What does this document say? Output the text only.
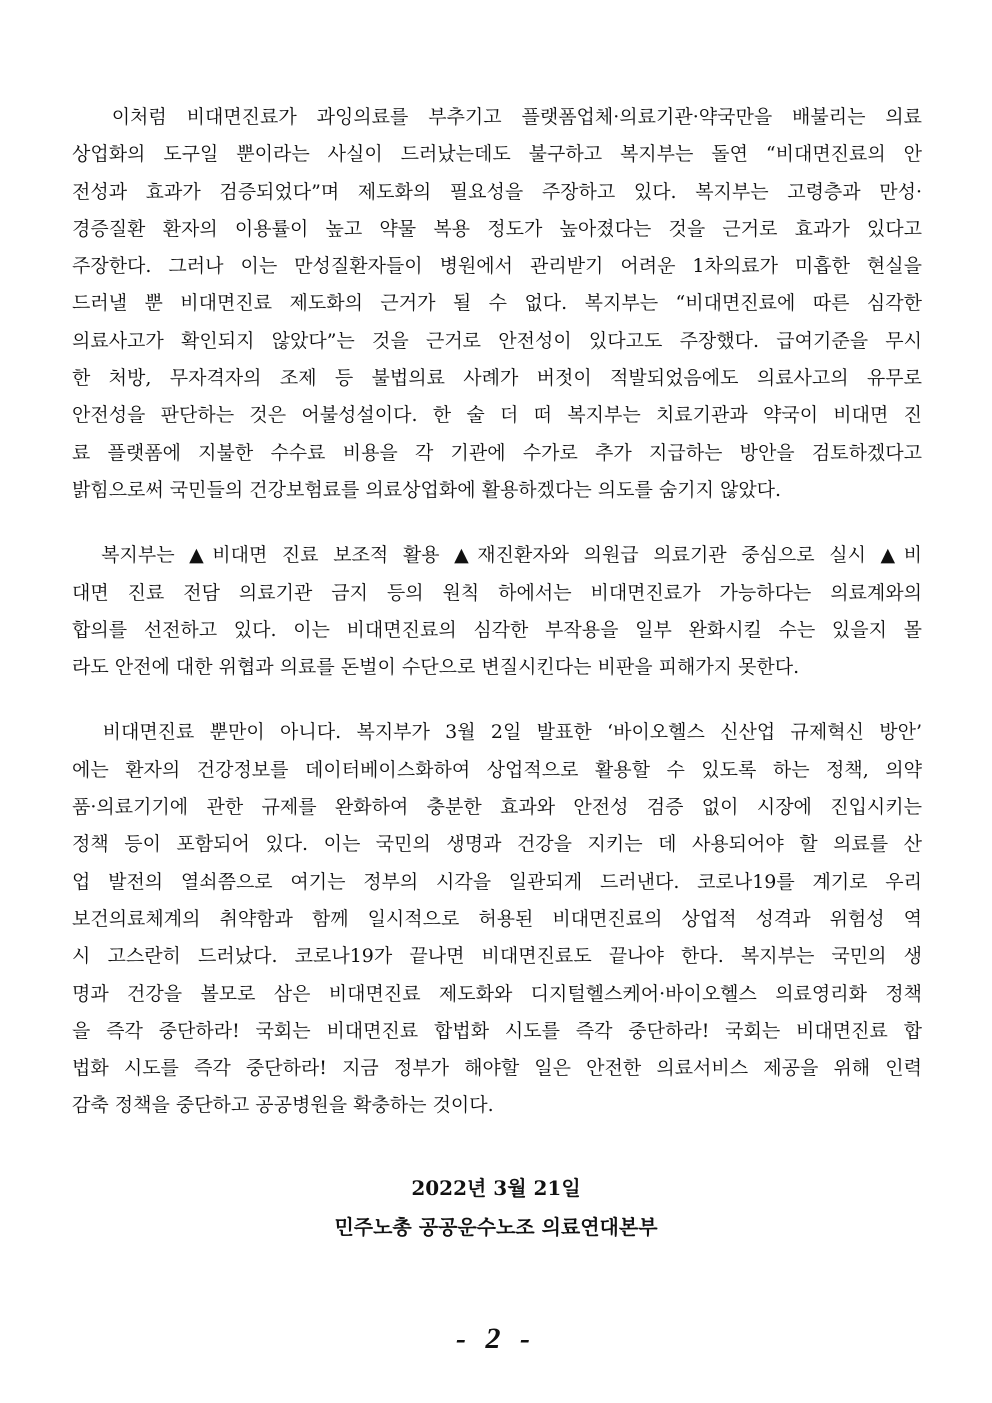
이처럼 비대면진료가 과잉의료를 부추기고 플랫폼업체·의료기관·약국만을 배불리는 의료
상업화의 도구일 뿐이라는 사실이 드러났는데도 불구하고 복지부는 돌연 “비대면진료의 안
전성과 효과가 검증되었다”며 제도화의 필요성을 주장하고 있다. 복지부는 고령층과 만성·
경증질환 환자의 이용률이 높고 약물 복용 정도가 높아졌다는 것을 근거로 효과가 있다고
주장한다. 그러나 이는 만성질환자들이 병원에서 관리받기 어려운 1차의료가 미흡한 현실을
드러낼 뿐 비대면진료 제도화의 근거가 될 수 없다. 복지부는 “비대면진료에 따른 심각한
의료사고가 확인되지 않았다”는 것을 근거로 안전성이 있다고도 주장했다. 급여기준을 무시
한 처방, 무자격자의 조제 등 불법의료 사례가 버젓이 적발되었음에도 의료사고의 유무로
안전성을 판단하는 것은 어불성설이다. 한 술 더 떠 복지부는 치료기관과 약국이 비대면 진
료 플랫폼에 지불한 수수료 비용을 각 기관에 수가로 추가 지급하는 방안을 검토하겠다고
밝힘으로써 국민들의 건강보험료를 의료상업화에 활용하겠다는 의도를 숨기지 않았다.
복지부는 ▲비대면 진료 보조적 활용 ▲재진환자와 의원급 의료기관 중심으로 실시 ▲비
대면 진료 전담 의료기관 금지 등의 원칙 하에서는 비대면진료가 가능하다는 의료계와의
합의를 선전하고 있다. 이는 비대면진료의 심각한 부작용을 일부 완화시킬 수는 있을지 몰
라도 안전에 대한 위협과 의료를 돈벌이 수단으로 변질시킨다는 비판을 피해가지 못한다.
비대면진료 뿐만이 아니다. 복지부가 3월 2일 발표한 ‘바이오헬스 신산업 규제혁신 방안’
에는 환자의 건강정보를 데이터베이스화하여 상업적으로 활용할 수 있도록 하는 정책, 의약
품·의료기기에 관한 규제를 완화하여 충분한 효과와 안전성 검증 없이 시장에 진입시키는
정책 등이 포함되어 있다. 이는 국민의 생명과 건강을 지키는 데 사용되어야 할 의료를 산
업 발전의 열쇠쯤으로 여기는 정부의 시각을 일관되게 드러낸다. 코로나19를 계기로 우리
보건의료체계의 취약함과 함께 일시적으로 허용된 비대면진료의 상업적 성격과 위험성 역
시 고스란히 드러났다. 코로나19가 끝나면 비대면진료도 끝나야 한다. 복지부는 국민의 생
명과 건강을 볼모로 삼은 비대면진료 제도화와 디지털헬스케어·바이오헬스 의료영리화 정책
을 즉각 중단하라! 국회는 비대면진료 합법화 시도를 즉각 중단하라! 국회는 비대면진료 합
법화 시도를 즉각 중단하라! 지금 정부가 해야할 일은 안전한 의료서비스 제공을 위해 인력
감축 정책을 중단하고 공공병원을 확충하는 것이다.
2022년 3월 21일
민주노총 공공운수노조 의료연대본부
- 2 -
